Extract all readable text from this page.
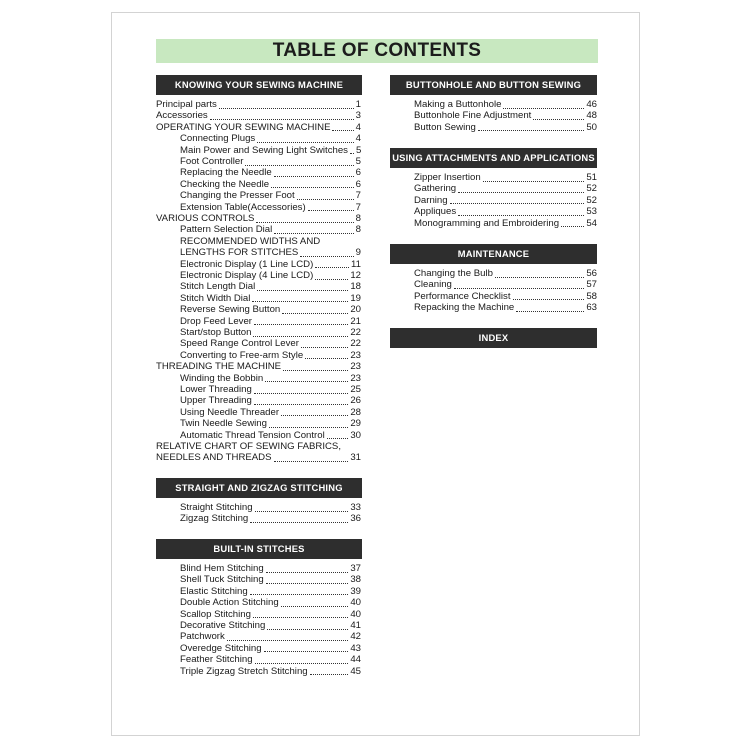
TABLE OF CONTENTS
KNOWING YOUR SEWING MACHINE
STRAIGHT AND ZIGZAG STITCHING
BUILT-IN STITCHES
BUTTONHOLE AND BUTTON SEWING
USING ATTACHMENTS AND APPLICATIONS
MAINTENANCE
INDEX
Principal parts	1
Accessories	3
OPERATING YOUR SEWING MACHINE	4
Connecting Plugs	4
Main Power and Sewing Light Switches 5
Foot Controller	5
Replacing the Needle	6
Checking the Needle	6
Changing the Presser Foot	7
Extension Table(Accessories)	7
VARIOUS CONTROLS	8
Pattern Selection Dial	8
RECOMMENDED WIDTHS AND
LENGTHS FOR STITCHES	9
Electronic Display (1 Line LCD)	11
Electronic Display (4 Line LCD)	12
Stitch Length Dial	18
Stitch Width Dial	19
Reverse Sewing Button	20
Drop Feed Lever	21
Start/stop Button	22
Speed Range Control Lever	22
Converting to Free-arm Style	23
THREADING THE MACHINE	23
Winding the Bobbin	23
Lower Threading	25
Upper Threading	26
Using Needle Threader	28
Twin Needle Sewing	29
Automatic Thread Tension Control	30
RELATIVE CHART OF SEWING FABRICS,
NEEDLES AND THREADS	31
Straight Stitching	33
Zigzag Stitching	36
Blind Hem Stitching	37
Shell Tuck Stitching	38
Elastic Stitching	39
Double Action Stitching	40
Scallop Stitching	40
Decorative Stitching	41
Patchwork	42
Overedge Stitching	43
Feather Stitching	44
Triple Zigzag Stretch Stitching	45
Making a Buttonhole	46
Buttonhole Fine Adjustment	48
Button Sewing	50
Zipper Insertion	51
Gathering	52
Darning	52
Appliques	53
Monogramming and Embroidering	54
Changing the Bulb	56
Cleaning	57
Performance Checklist	58
Repacking the Machine	63
